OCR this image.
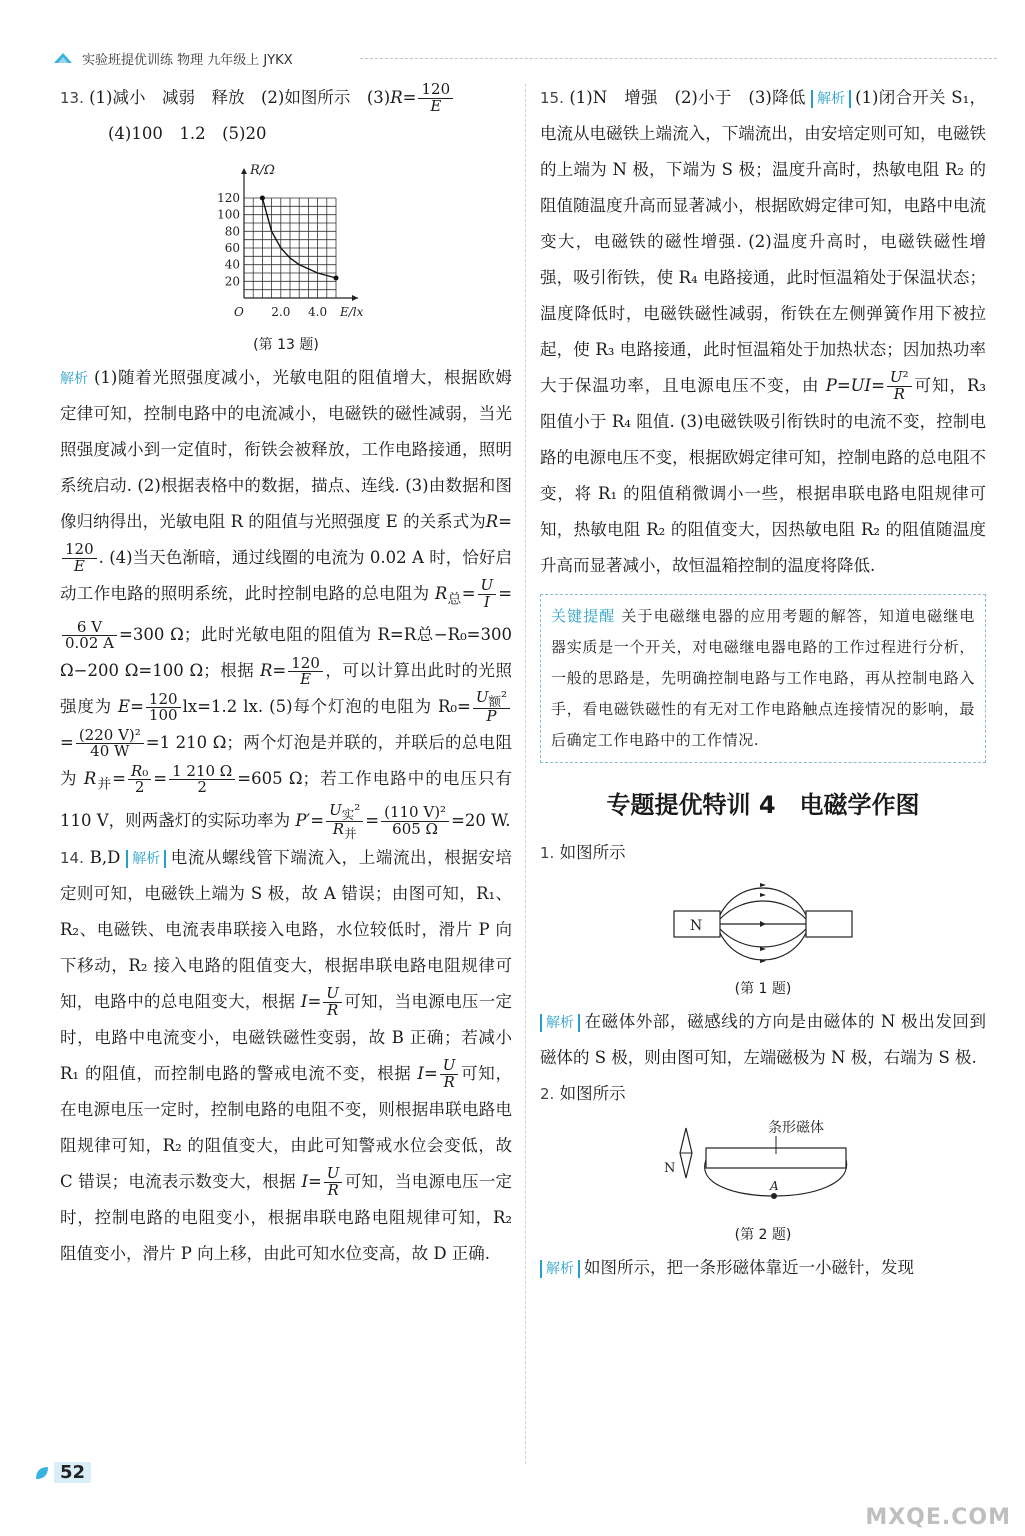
实验班提优训练 物理 九年级上 JYKX

13. (1)减小　减弱　释放　(2)如图所示　$(3)R= \frac{120}{E}$

(4)100　1.2　(5)20

20
40
60
80
100
120
2.0 4.0
O	E/lx
R/Ω

(第 13 题)

解析 (1)随着光照强度减小，光敏电阻的阻值增大，根据欧姆定律可知，控制电路中的电流减小，电磁铁的磁性减弱，当光照强度减小到一定值时，衔铁会被释放，工作电路接通，照明系统启动. (2)根据表格中的数据，描点、连线. (3)由数据和图像归纳得出，光敏电阻 R 的阻值与光照强度 E 的关系式为R=
$\frac{120}{E}$ . (4)当天色渐暗，通过线圈的电流为 0.02 A 时，恰好启动工作电路的照明系统，此时控制电路的总电阻为 $R_总= \frac{U}{I}$ =
$\frac{6 V}{0.02 A} =300$ Ω；此时光敏电阻的阻值为 R=R总−R₀=300 Ω−200 Ω=100 Ω；根据 $R= \frac{120}{E}$ ，可以计算出此时的光照强度为 $E= \frac{120}{100} lx=1.2$ lx. (5)每个灯泡的电阻为 $R_0= \frac{U_额^2}{P}$
= $\frac{\text{(220 V)²}}{40 W} =1$ 210 Ω；两个灯泡是并联的，并联后的总电阻为 $R_并= \frac{\text{R₀}}{2} = \frac{1 210 \Omega}{2} =605$ Ω；若工作电路中的电压只有 110 V，则两盏灯的实际功率为 $P'= \frac{U_实^2}{R_并} = \frac{\text{(110 V)²}}{605 \Omega} =20$ W.

14. B,D 解析 电流从螺线管下端流入，上端流出，根据安培定则可知，电磁铁上端为 S 极，故 A 错误；由图可知，R₁、R₂、电磁铁、电流表串联接入电路，水位较低时，滑片 P 向下移动，R₂ 接入电路的阻值变大，根据串联电路电阻规律可知，电路中的总电阻变大，根据 $I= \frac{U}{R}$ 可知，当电源电压一定时，电路中电流变小，电磁铁磁性变弱，故 B 正确；若减小 R₁ 的阻值，而控制电路的警戒电流不变，根据 $I= \frac{U}{R}$ 可知，在电源电压一定时，控制电路的电阻不变，则根据串联电路电阻规律可知，R₂ 的阻值变大，由此可知警戒水位会变低，故 C 错误；电流表示数变大，根据 $I= \frac{U}{R}$ 可知，当电源电压一定时，控制电路的电阻变小，根据串联电路电阻规律可知，R₂ 阻值变小，滑片 P 向上移，由此可知水位变高，故 D 正确.

15. (1)N　增强　(2)小于　(3)降低 解析 (1)闭合开关 S₁，电流从电磁铁上端流入，下端流出，由安培定则可知，电磁铁的上端为 N 极，下端为 S 极；温度升高时，热敏电阻 R₂ 的阻值随温度升高而显著减小，根据欧姆定律可知，电路中电流变大，电磁铁的磁性增强. (2)温度升高时，电磁铁磁性增强，吸引衔铁，使 R₄ 电路接通，此时恒温箱处于保温状态；温度降低时，电磁铁磁性减弱，衔铁在左侧弹簧作用下被拉起，使 R₃ 电路接通，此时恒温箱处于加热状态；因加热功率大于保温功率，且电源电压不变，由 $P=UI= \frac{\text{U²}}{R}$ 可知，R₃ 阻值小于 R₄ 阻值. (3)电磁铁吸引衔铁时的电流不变，控制电路的电源电压不变，根据欧姆定律可知，控制电路的总电阻不变，将 R₁ 的阻值稍微调小一些，根据串联电路电阻规律可知，热敏电阻 R₂ 的阻值变大，因热敏电阻 R₂ 的阻值随温度升高而显著减小，故恒温箱控制的温度将降低.

关键提醒 关于电磁继电器的应用考题的解答，知道电磁继电器实质是一个开关，对电磁继电器电路的工作过程进行分析，一般的思路是，先明确控制电路与工作电路，再从控制电路入手，看电磁铁磁性的有无对工作电路触点连接情况的影响，最后确定工作电路中的工作情况.
专题提优特训 4　电磁学作图

1. 如图所示

N

(第 1 题)

解析 在磁体外部，磁感线的方向是由磁体的 N 极出发回到磁体的 S 极，则由图可知，左端磁极为 N 极，右端为 S 极.

2. 如图所示

条形磁体
N
A

(第 2 题)

解析 如图所示，把一条形磁体靠近一小磁针，发现

52
MXQE.COM
